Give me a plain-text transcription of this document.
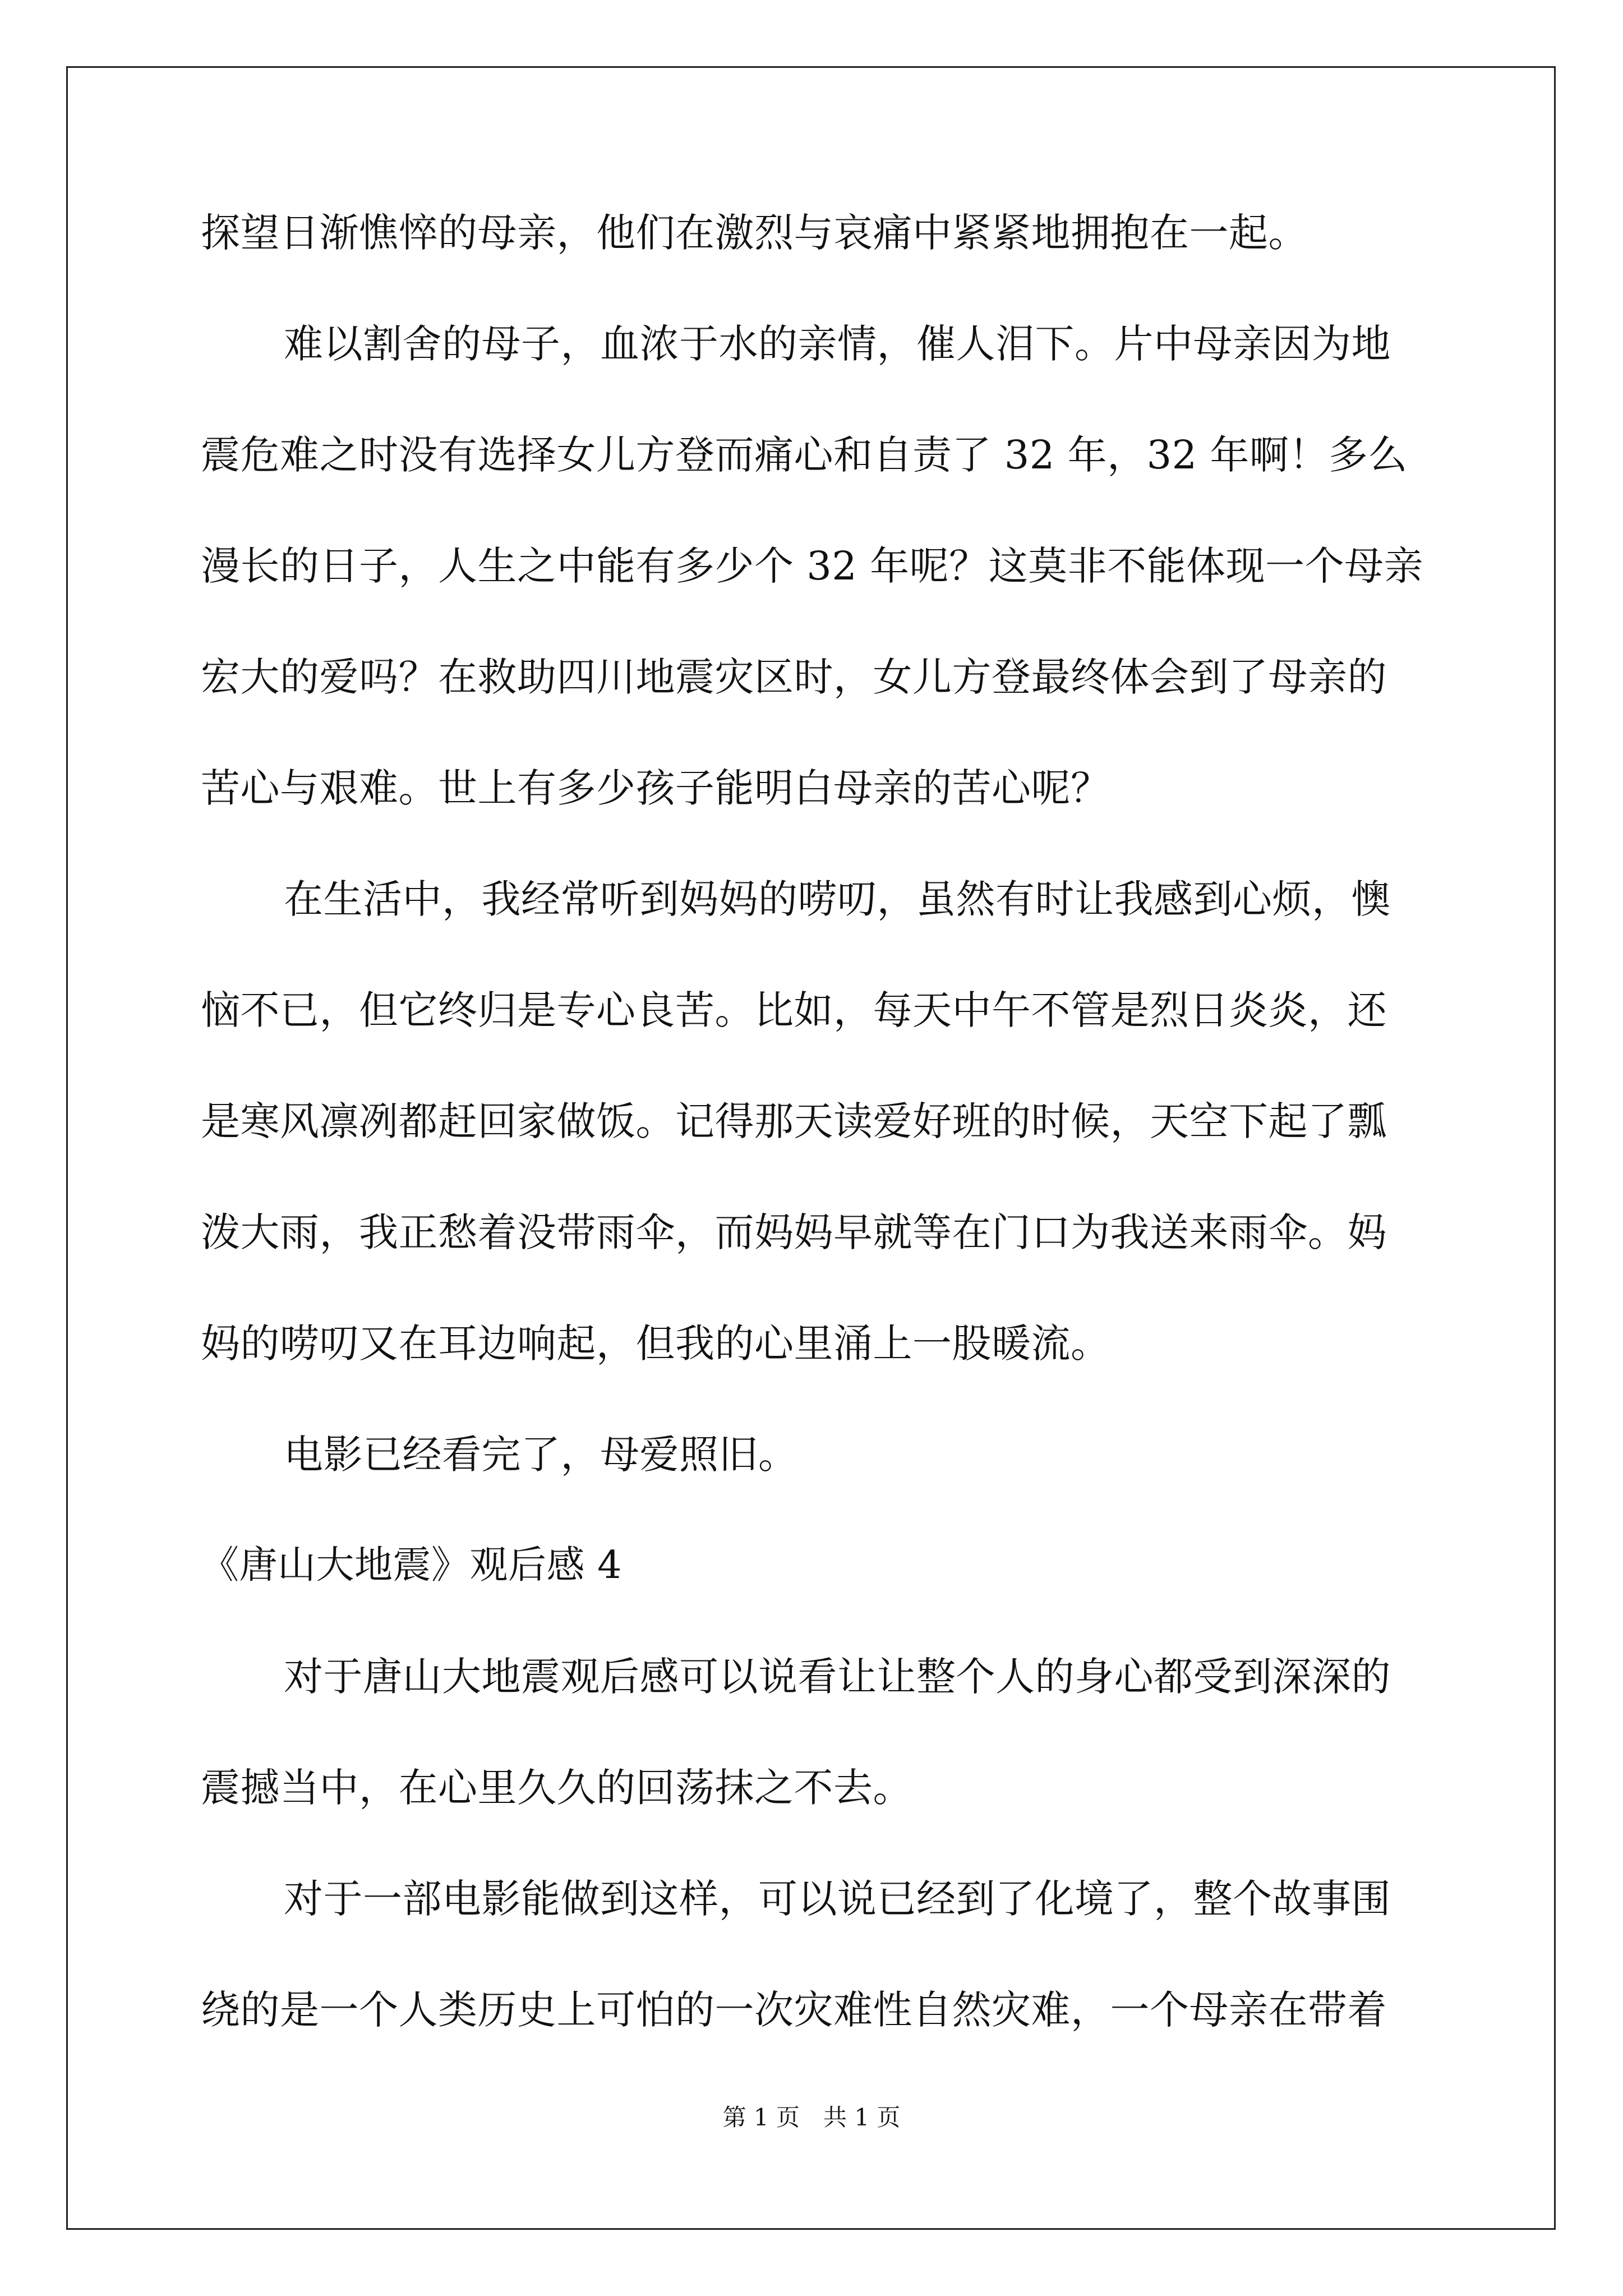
探望日渐憔悴的母亲，他们在激烈与哀痛中紧紧地拥抱在一起。
难以割舍的母子，血浓于水的亲情，催人泪下。片中母亲因为地
震危难之时没有选择女儿方登而痛心和自责了 32 年，32 年啊！多么
漫长的日子，人生之中能有多少个 32 年呢？这莫非不能体现一个母亲
宏大的爱吗？在救助四川地震灾区时，女儿方登最终体会到了母亲的
苦心与艰难。世上有多少孩子能明白母亲的苦心呢？
在生活中，我经常听到妈妈的唠叨，虽然有时让我感到心烦，懊
恼不已，但它终归是专心良苦。比如，每天中午不管是烈日炎炎，还
是寒风凛冽都赶回家做饭。记得那天读爱好班的时候，天空下起了瓢
泼大雨，我正愁着没带雨伞，而妈妈早就等在门口为我送来雨伞。妈
妈的唠叨又在耳边响起，但我的心里涌上一股暖流。
电影已经看完了，母爱照旧。
《唐山大地震》观后感 4
对于唐山大地震观后感可以说看让让整个人的身心都受到深深的
震撼当中，在心里久久的回荡抹之不去。
对于一部电影能做到这样，可以说已经到了化境了，整个故事围
绕的是一个人类历史上可怕的一次灾难性自然灾难，一个母亲在带着
第 1 页　共 1 页
